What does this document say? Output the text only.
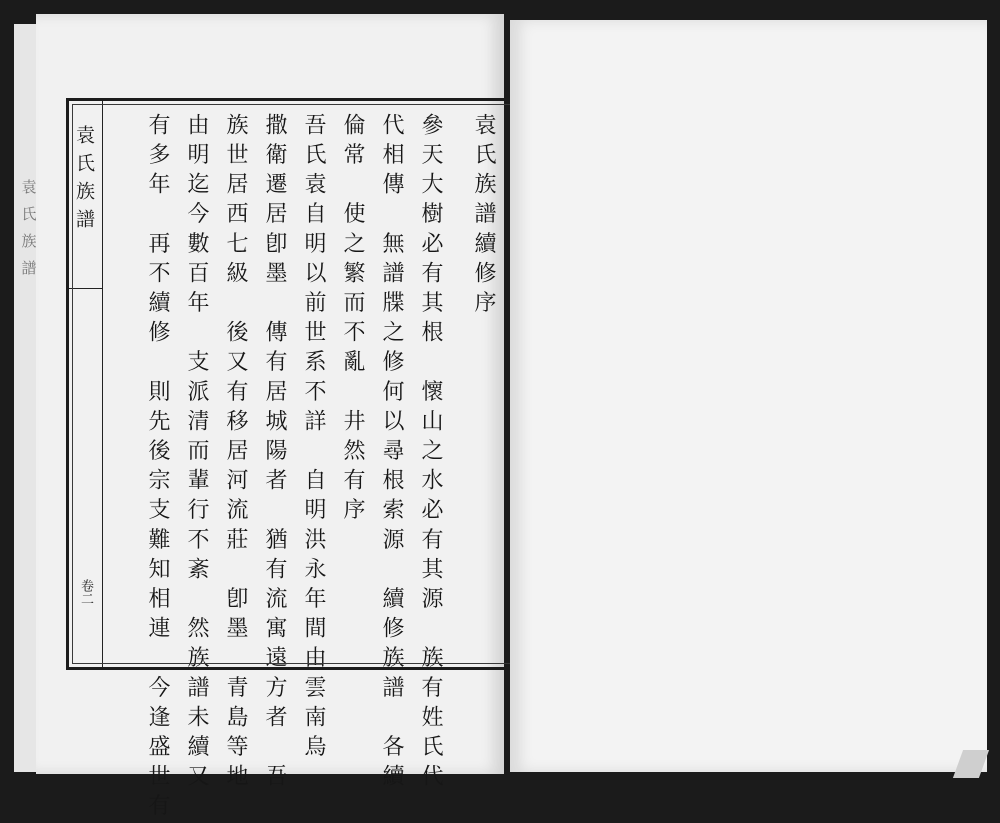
袁氏族譜
袁氏族譜
卷二
袁氏族譜續修序
參天大樹必有其根　懷山之水必有其源　族有姓氏代
代相傳　無譜牒之修何以尋根索源　續修族譜　各續
倫常　使之繁而不亂　井然有序
吾氏袁自明以前世系不詳　自明洪永年間由雲南烏
撒衛遷居卽墨　傳有居城陽者　猶有流寓遠方者　吾
族世居西七級　後又有移居河流莊　卽墨　青島等地
由明迄今數百年　支派清而輩行不紊　然族譜未續又
有多年　再不續修　則先後宗支難知相連　今逢盛世有
